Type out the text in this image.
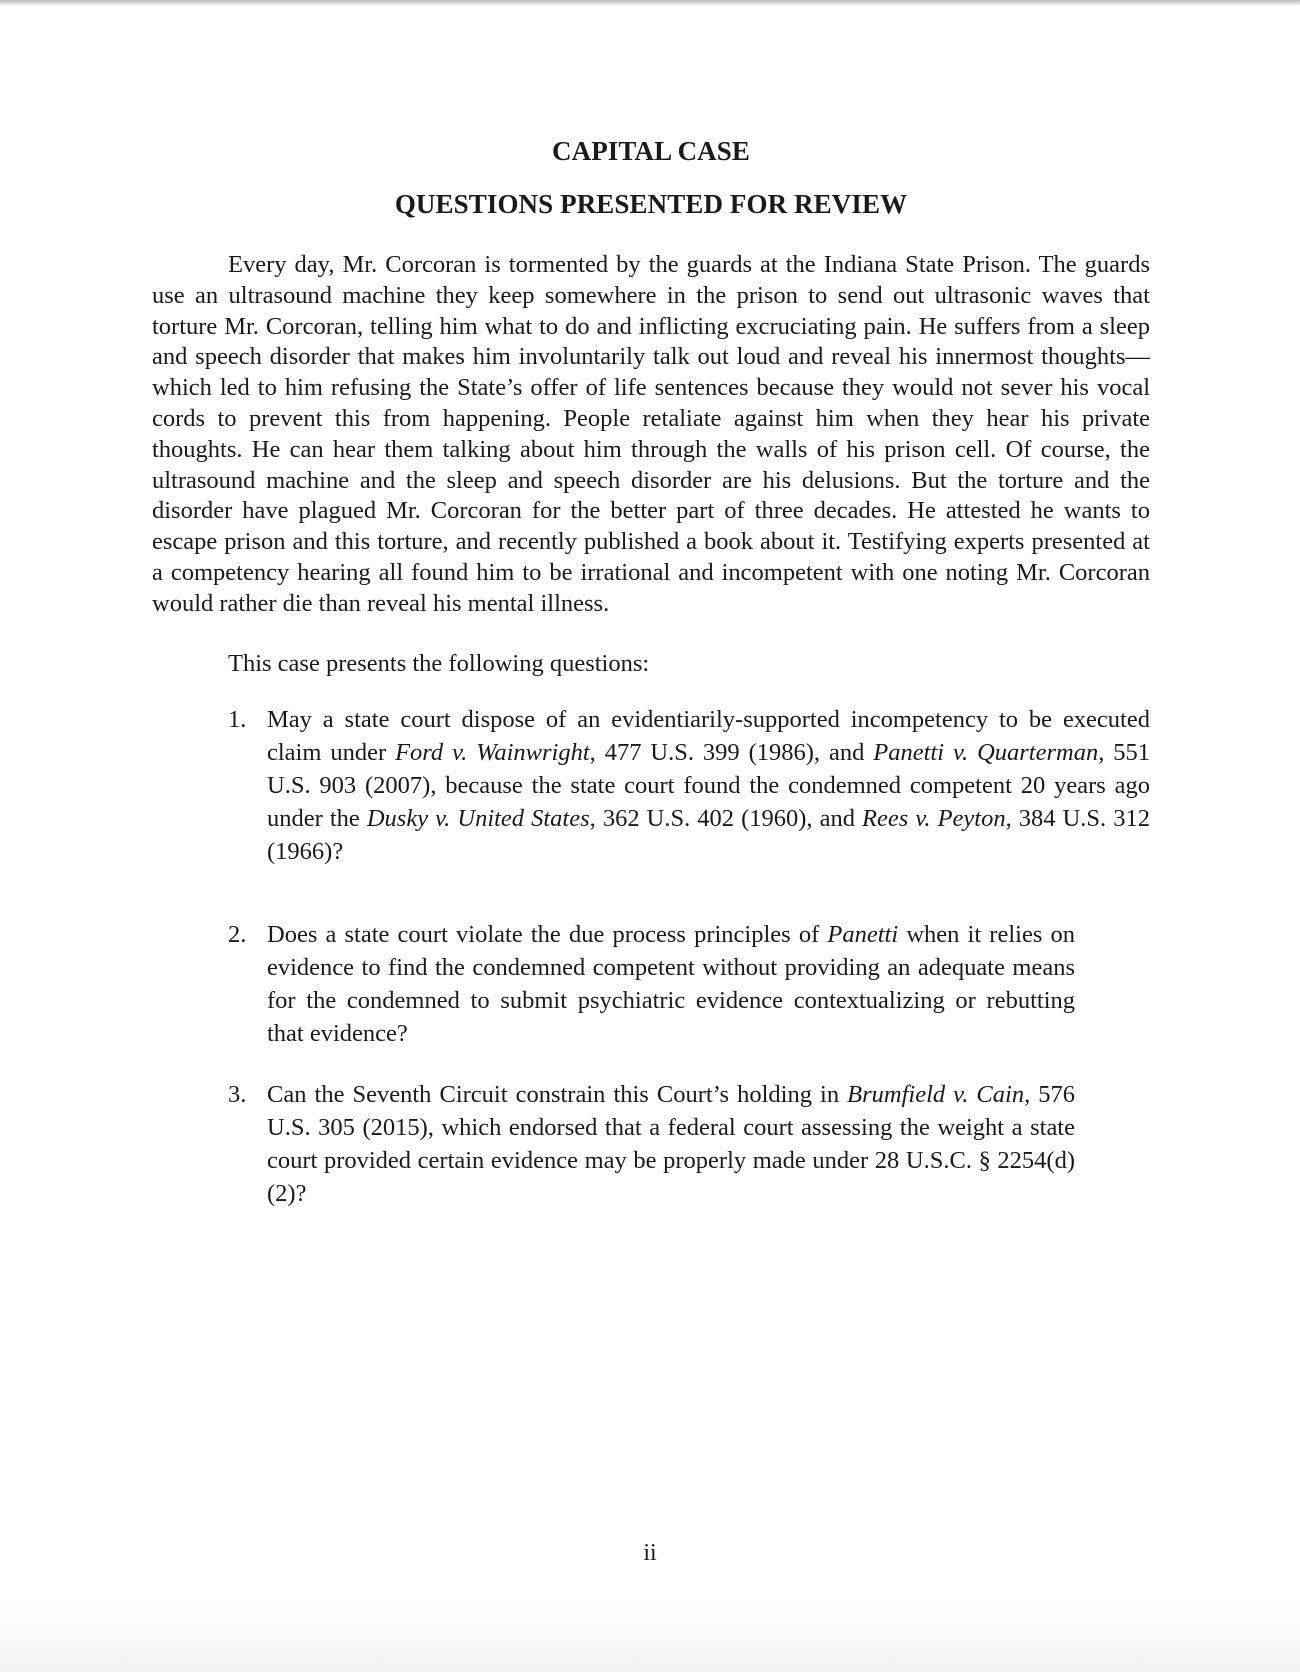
CAPITAL CASE
QUESTIONS PRESENTED FOR REVIEW

Every day, Mr. Corcoran is tormented by the guards at the Indiana State Prison. The guards use an ultrasound machine they keep somewhere in the prison to send out ultrasonic waves that torture Mr. Corcoran, telling him what to do and inflicting excruciating pain. He suffers from a sleep and speech disorder that makes him involuntarily talk out loud and reveal his innermost thoughts—which led to him refusing the State’s offer of life sentences because they would not sever his vocal cords to prevent this from happening. People retaliate against him when they hear his private thoughts. He can hear them talking about him through the walls of his prison cell. Of course, the ultrasound machine and the sleep and speech disorder are his delusions. But the torture and the disorder have plagued Mr. Corcoran for the better part of three decades. He attested he wants to escape prison and this torture, and recently published a book about it. Testifying experts presented at a competency hearing all found him to be irrational and incompetent with one noting Mr. Corcoran would rather die than reveal his mental illness.

This case presents the following questions:

1. May a state court dispose of an evidentiarily-supported incompetency to be executed claim under Ford v. Wainwright, 477 U.S. 399 (1986), and Panetti v. Quarterman, 551 U.S. 903 (2007), because the state court found the condemned competent 20 years ago under the Dusky v. United States, 362 U.S. 402 (1960), and Rees v. Peyton, 384 U.S. 312 (1966)?
2. Does a state court violate the due process principles of Panetti when it relies on evidence to find the condemned competent without providing an adequate means for the condemned to submit psychiatric evidence contextualizing or rebutting that evidence?
3. Can the Seventh Circuit constrain this Court’s holding in Brumfield v. Cain, 576 U.S. 305 (2015), which endorsed that a federal court assessing the weight a state court provided certain evidence may be properly made under 28 U.S.C. § 2254(d)(2)?
ii
